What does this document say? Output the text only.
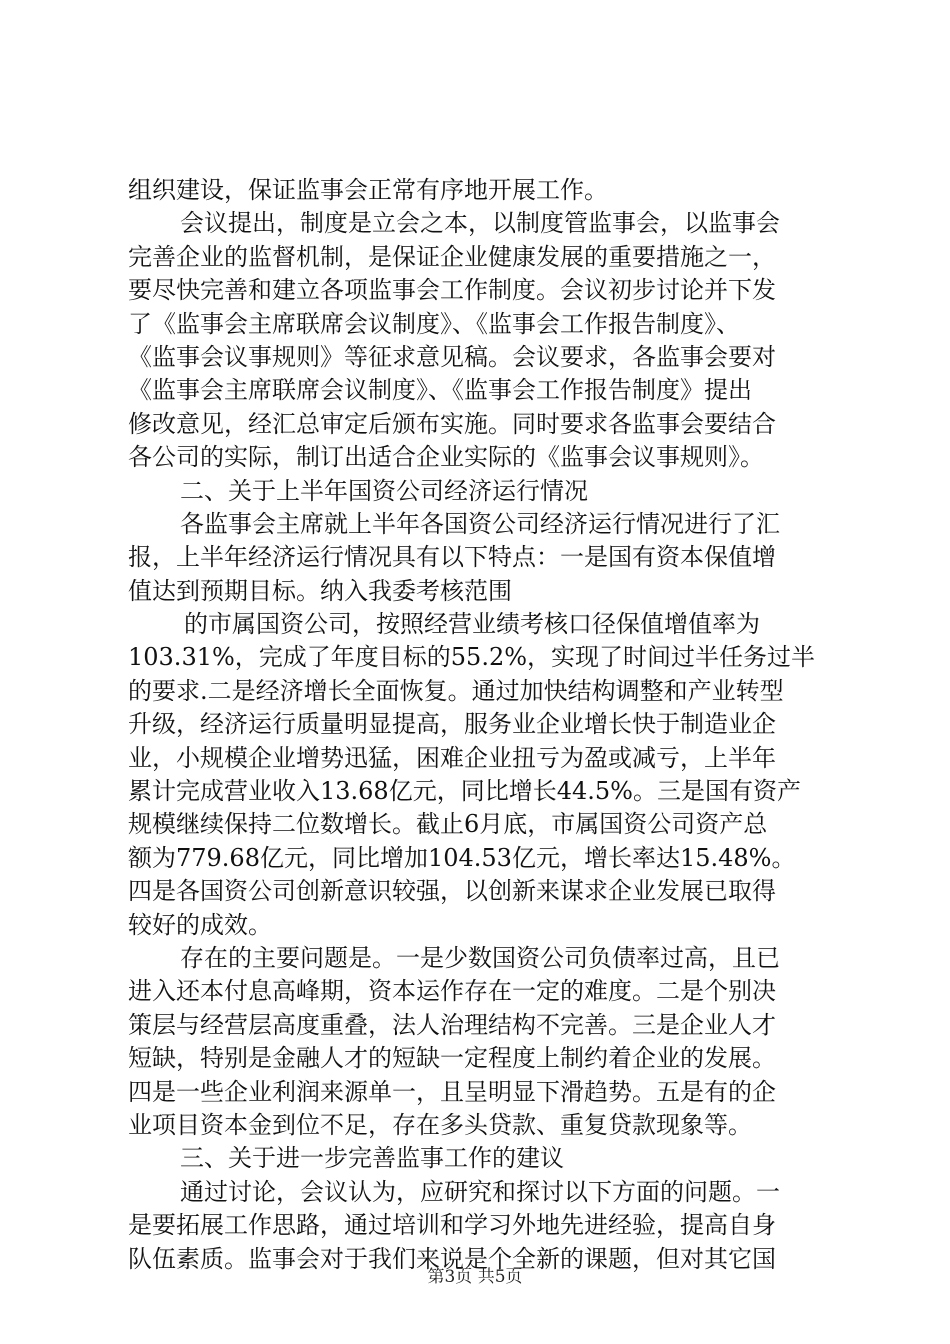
组织建设，保证监事会正常有序地开展工作。
会议提出，制度是立会之本，以制度管监事会，以监事会
完善企业的监督机制，是保证企业健康发展的重要措施之一，
要尽快完善和建立各项监事会工作制度。会议初步讨论并下发
了《监事会主席联席会议制度》、《监事会工作报告制度》、
《监事会议事规则》等征求意见稿。会议要求，各监事会要对
《监事会主席联席会议制度》、《监事会工作报告制度》提出
修改意见，经汇总审定后颁布实施。同时要求各监事会要结合
各公司的实际，制订出适合企业实际的《监事会议事规则》。
二、关于上半年国资公司经济运行情况
各监事会主席就上半年各国资公司经济运行情况进行了汇
报，上半年经济运行情况具有以下特点：一是国有资本保值增
值达到预期目标。纳入我委考核范围
的市属国资公司，按照经营业绩考核口径保值增值率为
103.31%，完成了年度目标的55.2%，实现了时间过半任务过半
的要求.二是经济增长全面恢复。通过加快结构调整和产业转型
升级，经济运行质量明显提高，服务业企业增长快于制造业企
业，小规模企业增势迅猛，困难企业扭亏为盈或减亏，上半年
累计完成营业收入13.68亿元，同比增长44.5%。三是国有资产
规模继续保持二位数增长。截止6月底，市属国资公司资产总
额为779.68亿元，同比增加104.53亿元，增长率达15.48%。
四是各国资公司创新意识较强，以创新来谋求企业发展已取得
较好的成效。
存在的主要问题是。一是少数国资公司负债率过高，且已
进入还本付息高峰期，资本运作存在一定的难度。二是个别决
策层与经营层高度重叠，法人治理结构不完善。三是企业人才
短缺，特别是金融人才的短缺一定程度上制约着企业的发展。
四是一些企业利润来源单一，且呈明显下滑趋势。五是有的企
业项目资本金到位不足，存在多头贷款、重复贷款现象等。
三、关于进一步完善监事工作的建议
通过讨论，会议认为，应研究和探讨以下方面的问题。一
是要拓展工作思路，通过培训和学习外地先进经验，提高自身
队伍素质。监事会对于我们来说是个全新的课题，但对其它国
第3页 共5页
